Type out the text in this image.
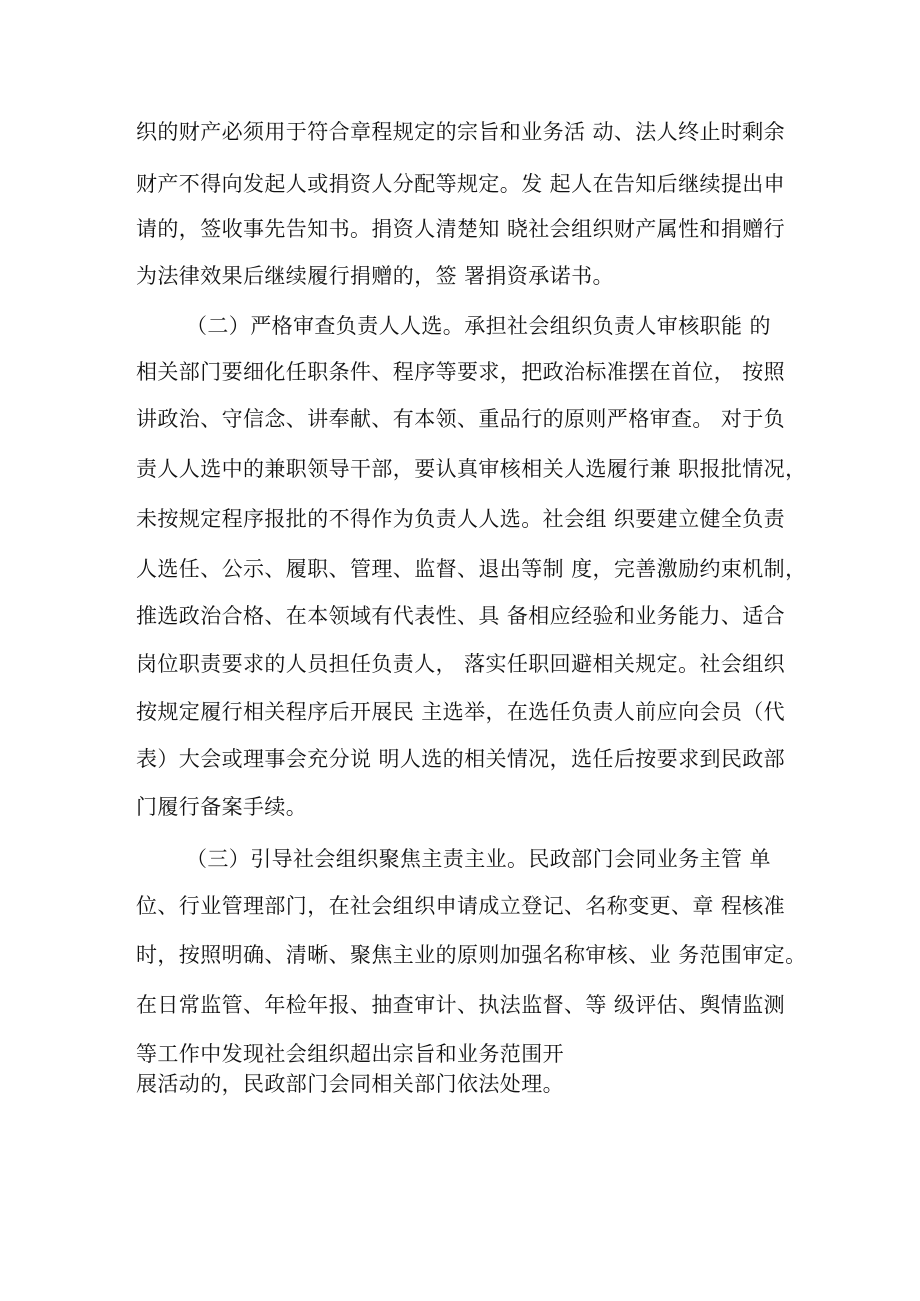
织的财产必须用于符合章程规定的宗旨和业务活 动、法人终止时剩余

财产不得向发起人或捐资人分配等规定。发 起人在告知后继续提出申

请的，签收事先告知书。捐资人清楚知 晓社会组织财产属性和捐赠行

为法律效果后继续履行捐赠的，签 署捐资承诺书。

（二）严格审查负责人人选。承担社会组织负责人审核职能 的

相关部门要细化任职条件、程序等要求，把政治标准摆在首位， 按照

讲政治、守信念、讲奉献、有本领、重品行的原则严格审查。 对于负

责人人选中的兼职领导干部，要认真审核相关人选履行兼 职报批情况，

未按规定程序报批的不得作为负责人人选。社会组 织要建立健全负责

人选任、公示、履职、管理、监督、退出等制 度，完善激励约束机制，

推选政治合格、在本领域有代表性、具 备相应经验和业务能力、适合

岗位职责要求的人员担任负责人， 落实任职回避相关规定。社会组织

按规定履行相关程序后开展民 主选举，在选任负责人前应向会员（代

表）大会或理事会充分说 明人选的相关情况，选任后按要求到民政部

门履行备案手续。

（三）引导社会组织聚焦主责主业。民政部门会同业务主管 单

位、行业管理部门，在社会组织申请成立登记、名称变更、章 程核准

时，按照明确、清晰、聚焦主业的原则加强名称审核、业 务范围审定。

在日常监管、年检年报、抽查审计、执法监督、等 级评估、舆情监测

等工作中发现社会组织超出宗旨和业务范围开

展活动的，民政部门会同相关部门依法处理。
